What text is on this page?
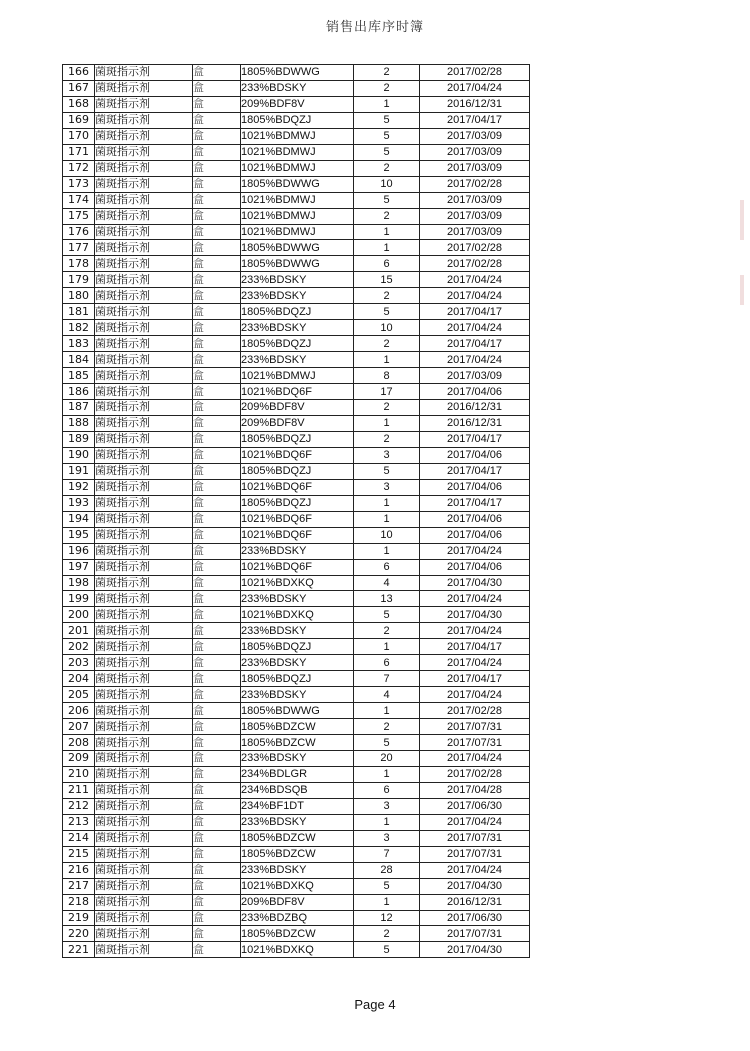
销售出库序时簿
166	菌斑指示剂	盒	1805%BDWWG	2	2017/02/28
167	菌斑指示剂	盒	233%BDSKY	2	2017/04/24
168	菌斑指示剂	盒	209%BDF8V	1	2016/12/31
169	菌斑指示剂	盒	1805%BDQZJ	5	2017/04/17
170	菌斑指示剂	盒	1021%BDMWJ	5	2017/03/09
171	菌斑指示剂	盒	1021%BDMWJ	5	2017/03/09
172	菌斑指示剂	盒	1021%BDMWJ	2	2017/03/09
173	菌斑指示剂	盒	1805%BDWWG	10	2017/02/28
174	菌斑指示剂	盒	1021%BDMWJ	5	2017/03/09
175	菌斑指示剂	盒	1021%BDMWJ	2	2017/03/09
176	菌斑指示剂	盒	1021%BDMWJ	1	2017/03/09
177	菌斑指示剂	盒	1805%BDWWG	1	2017/02/28
178	菌斑指示剂	盒	1805%BDWWG	6	2017/02/28
179	菌斑指示剂	盒	233%BDSKY	15	2017/04/24
180	菌斑指示剂	盒	233%BDSKY	2	2017/04/24
181	菌斑指示剂	盒	1805%BDQZJ	5	2017/04/17
182	菌斑指示剂	盒	233%BDSKY	10	2017/04/24
183	菌斑指示剂	盒	1805%BDQZJ	2	2017/04/17
184	菌斑指示剂	盒	233%BDSKY	1	2017/04/24
185	菌斑指示剂	盒	1021%BDMWJ	8	2017/03/09
186	菌斑指示剂	盒	1021%BDQ6F	17	2017/04/06
187	菌斑指示剂	盒	209%BDF8V	2	2016/12/31
188	菌斑指示剂	盒	209%BDF8V	1	2016/12/31
189	菌斑指示剂	盒	1805%BDQZJ	2	2017/04/17
190	菌斑指示剂	盒	1021%BDQ6F	3	2017/04/06
191	菌斑指示剂	盒	1805%BDQZJ	5	2017/04/17
192	菌斑指示剂	盒	1021%BDQ6F	3	2017/04/06
193	菌斑指示剂	盒	1805%BDQZJ	1	2017/04/17
194	菌斑指示剂	盒	1021%BDQ6F	1	2017/04/06
195	菌斑指示剂	盒	1021%BDQ6F	10	2017/04/06
196	菌斑指示剂	盒	233%BDSKY	1	2017/04/24
197	菌斑指示剂	盒	1021%BDQ6F	6	2017/04/06
198	菌斑指示剂	盒	1021%BDXKQ	4	2017/04/30
199	菌斑指示剂	盒	233%BDSKY	13	2017/04/24
200	菌斑指示剂	盒	1021%BDXKQ	5	2017/04/30
201	菌斑指示剂	盒	233%BDSKY	2	2017/04/24
202	菌斑指示剂	盒	1805%BDQZJ	1	2017/04/17
203	菌斑指示剂	盒	233%BDSKY	6	2017/04/24
204	菌斑指示剂	盒	1805%BDQZJ	7	2017/04/17
205	菌斑指示剂	盒	233%BDSKY	4	2017/04/24
206	菌斑指示剂	盒	1805%BDWWG	1	2017/02/28
207	菌斑指示剂	盒	1805%BDZCW	2	2017/07/31
208	菌斑指示剂	盒	1805%BDZCW	5	2017/07/31
209	菌斑指示剂	盒	233%BDSKY	20	2017/04/24
210	菌斑指示剂	盒	234%BDLGR	1	2017/02/28
211	菌斑指示剂	盒	234%BDSQB	6	2017/04/28
212	菌斑指示剂	盒	234%BF1DT	3	2017/06/30
213	菌斑指示剂	盒	233%BDSKY	1	2017/04/24
214	菌斑指示剂	盒	1805%BDZCW	3	2017/07/31
215	菌斑指示剂	盒	1805%BDZCW	7	2017/07/31
216	菌斑指示剂	盒	233%BDSKY	28	2017/04/24
217	菌斑指示剂	盒	1021%BDXKQ	5	2017/04/30
218	菌斑指示剂	盒	209%BDF8V	1	2016/12/31
219	菌斑指示剂	盒	233%BDZBQ	12	2017/06/30
220	菌斑指示剂	盒	1805%BDZCW	2	2017/07/31
221	菌斑指示剂	盒	1021%BDXKQ	5	2017/04/30
Page 4
